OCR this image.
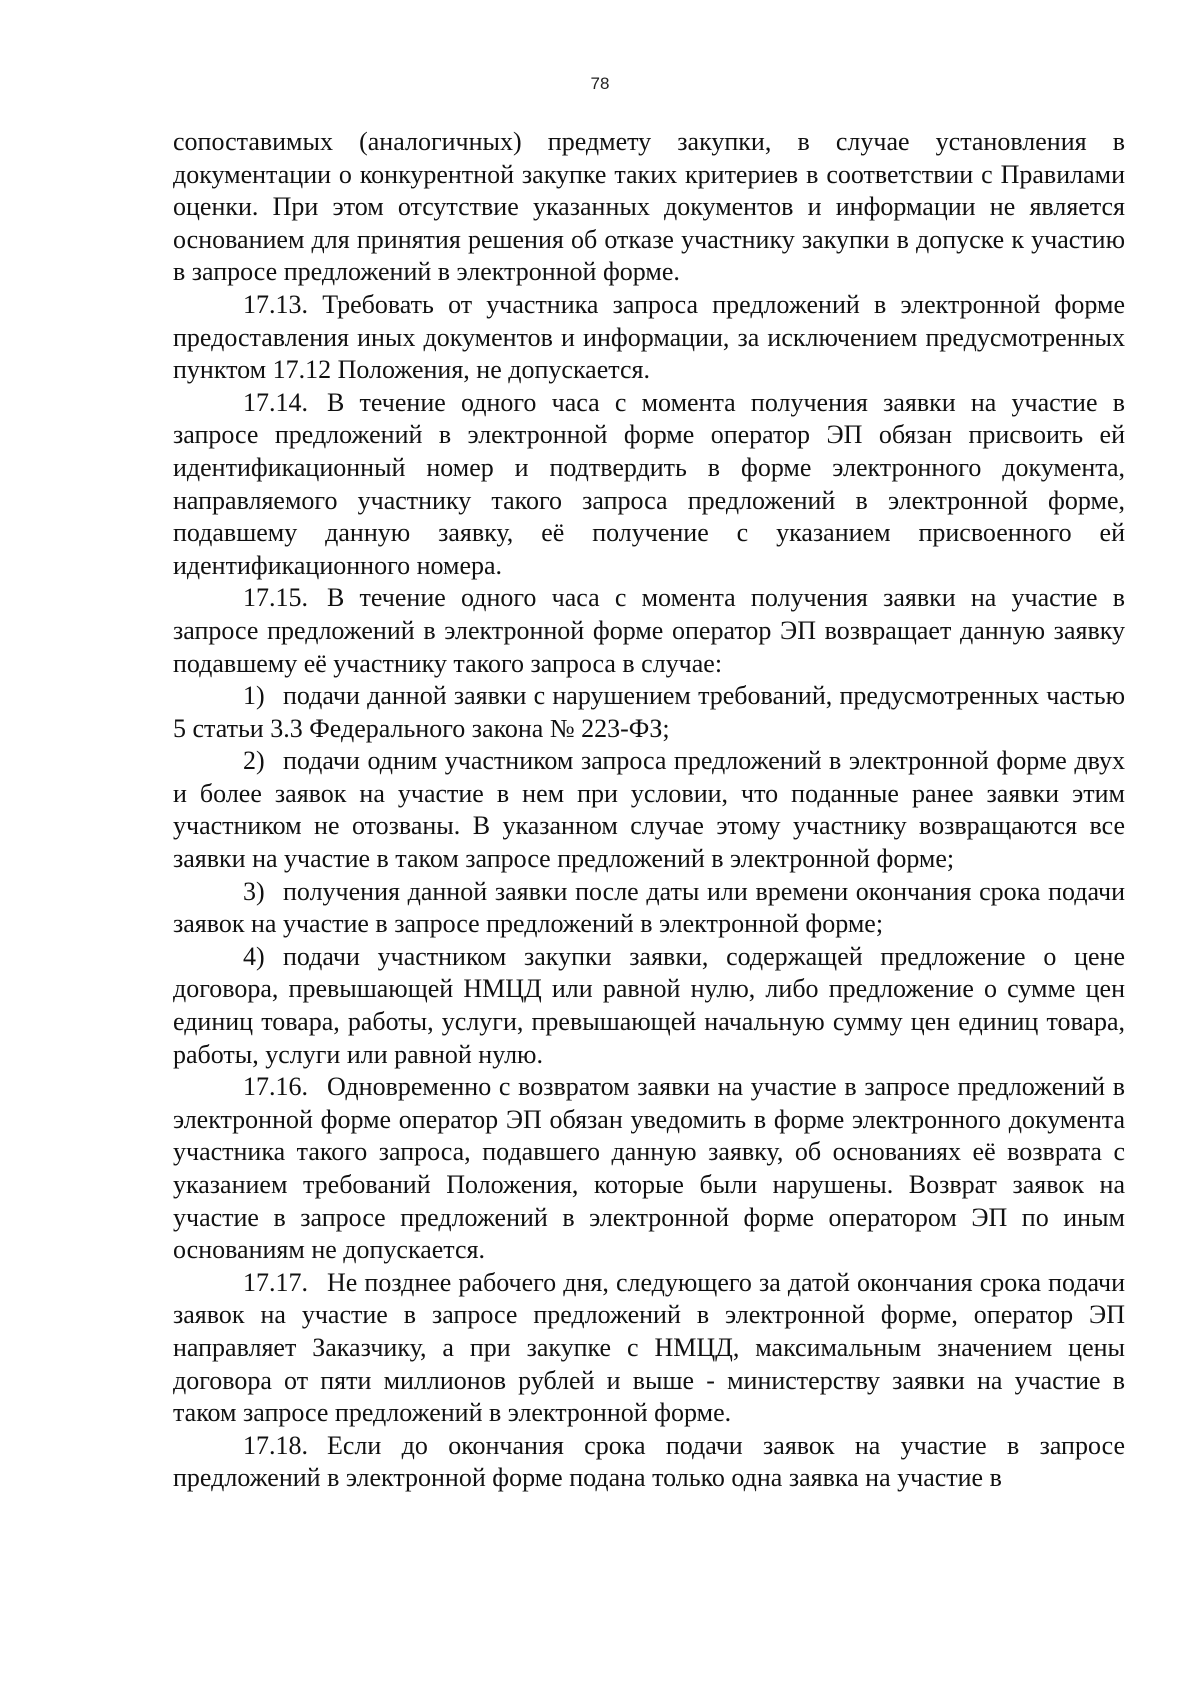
78

сопоставимых (аналогичных) предмету закупки, в случае установления в документации о конкурентной закупке таких критериев в соответствии с Правилами оценки. При этом отсутствие указанных документов и информации не является основанием для принятия решения об отказе участнику закупки в допуске к участию в запросе предложений в электронной форме.

17.13. Требовать от участника запроса предложений в электронной форме предоставления иных документов и информации, за исключением предусмотренных пунктом 17.12 Положения, не допускается.

17.14. В течение одного часа с момента получения заявки на участие в запросе предложений в электронной форме оператор ЭП обязан присвоить ей идентификационный номер и подтвердить в форме электронного документа, направляемого участнику такого запроса предложений в электронной форме, подавшему данную заявку, её получение с указанием присвоенного ей идентификационного номера.

17.15. В течение одного часа с момента получения заявки на участие в запросе предложений в электронной форме оператор ЭП возвращает данную заявку подавшему её участнику такого запроса в случае:

1) подачи данной заявки с нарушением требований, предусмотренных частью 5 статьи 3.3 Федерального закона № 223-ФЗ;

2) подачи одним участником запроса предложений в электронной форме двух и более заявок на участие в нем при условии, что поданные ранее заявки этим участником не отозваны. В указанном случае этому участнику возвращаются все заявки на участие в таком запросе предложений в электронной форме;

3) получения данной заявки после даты или времени окончания срока подачи заявок на участие в запросе предложений в электронной форме;

4) подачи участником закупки заявки, содержащей предложение о цене договора, превышающей НМЦД или равной нулю, либо предложение о сумме цен единиц товара, работы, услуги, превышающей начальную сумму цен единиц товара, работы, услуги или равной нулю.

17.16. Одновременно с возвратом заявки на участие в запросе предложений в электронной форме оператор ЭП обязан уведомить в форме электронного документа участника такого запроса, подавшего данную заявку, об основаниях её возврата с указанием требований Положения, которые были нарушены. Возврат заявок на участие в запросе предложений в электронной форме оператором ЭП по иным основаниям не допускается.

17.17. Не позднее рабочего дня, следующего за датой окончания срока подачи заявок на участие в запросе предложений в электронной форме, оператор ЭП направляет Заказчику, а при закупке с НМЦД, максимальным значением цены договора от пяти миллионов рублей и выше - министерству заявки на участие в таком запросе предложений в электронной форме.

17.18. Если до окончания срока подачи заявок на участие в запросе предложений в электронной форме подана только одна заявка на участие в
